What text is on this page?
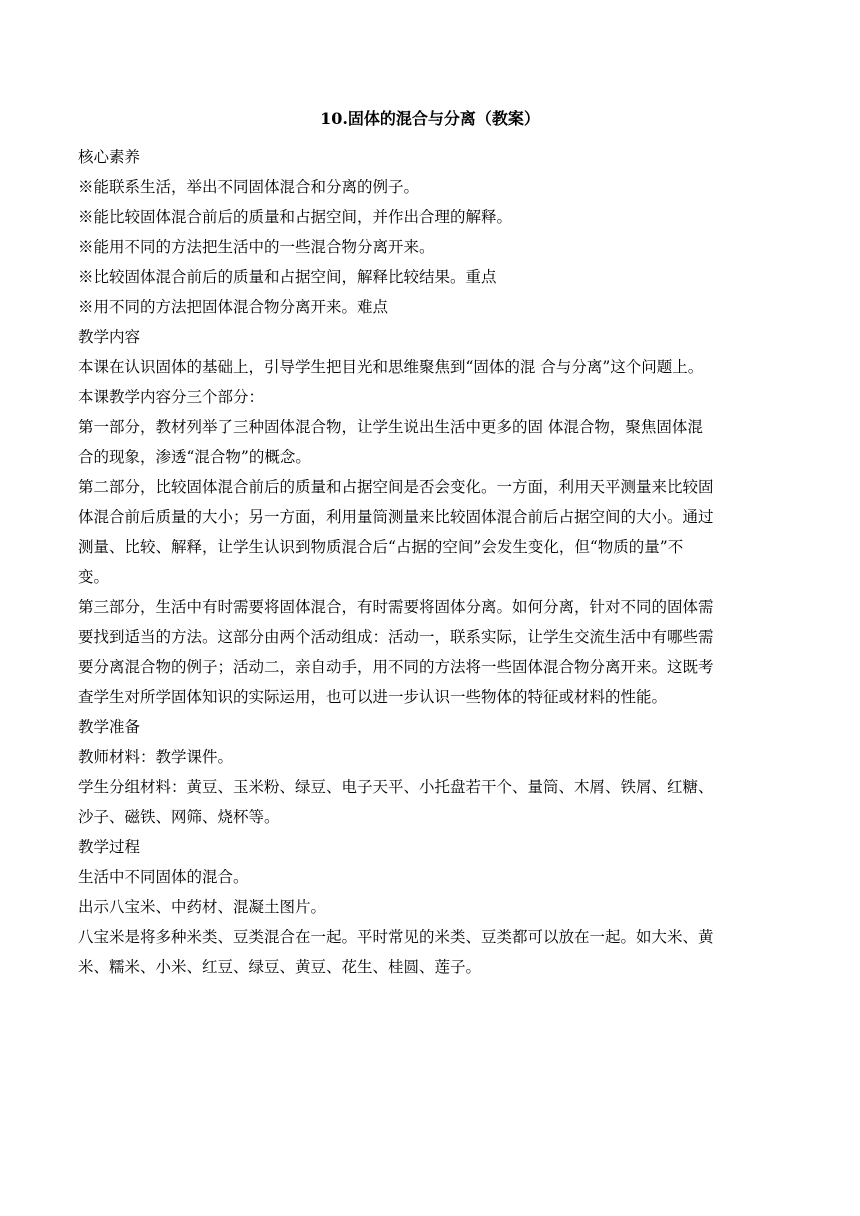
10.固体的混合与分离（教案）
核心素养
※能联系生活，举出不同固体混合和分离的例子。
※能比较固体混合前后的质量和占据空间，并作出合理的解释。
※能用不同的方法把生活中的一些混合物分离开来。
※比较固体混合前后的质量和占据空间，解释比较结果。重点
※用不同的方法把固体混合物分离开来。难点
教学内容
本课在认识固体的基础上，引导学生把目光和思维聚焦到“固体的混 合与分离”这个问题上。
本课教学内容分三个部分：
第一部分，教材列举了三种固体混合物，让学生说出生活中更多的固 体混合物，聚焦固体混
合的现象，渗透“混合物”的概念。
第二部分，比较固体混合前后的质量和占据空间是否会变化。一方面，利用天平测量来比较固
体混合前后质量的大小；另一方面，利用量筒测量来比较固体混合前后占据空间的大小。通过
测量、比较、解释，让学生认识到物质混合后“占据的空间”会发生变化，但“物质的量”不
变。
第三部分，生活中有时需要将固体混合，有时需要将固体分离。如何分离，针对不同的固体需
要找到适当的方法。这部分由两个活动组成：活动一，联系实际，让学生交流生活中有哪些需
要分离混合物的例子；活动二，亲自动手，用不同的方法将一些固体混合物分离开来。这既考
查学生对所学固体知识的实际运用，也可以进一步认识一些物体的特征或材料的性能。
教学准备
教师材料：教学课件。
学生分组材料：黄豆、玉米粉、绿豆、电子天平、小托盘若干个、量筒、木屑、铁屑、红糖、
沙子、磁铁、网筛、烧杯等。
教学过程
生活中不同固体的混合。
出示八宝米、中药材、混凝土图片。
八宝米是将多种米类、豆类混合在一起。平时常见的米类、豆类都可以放在一起。如大米、黄
米、糯米、小米、红豆、绿豆、黄豆、花生、桂圆、莲子。
